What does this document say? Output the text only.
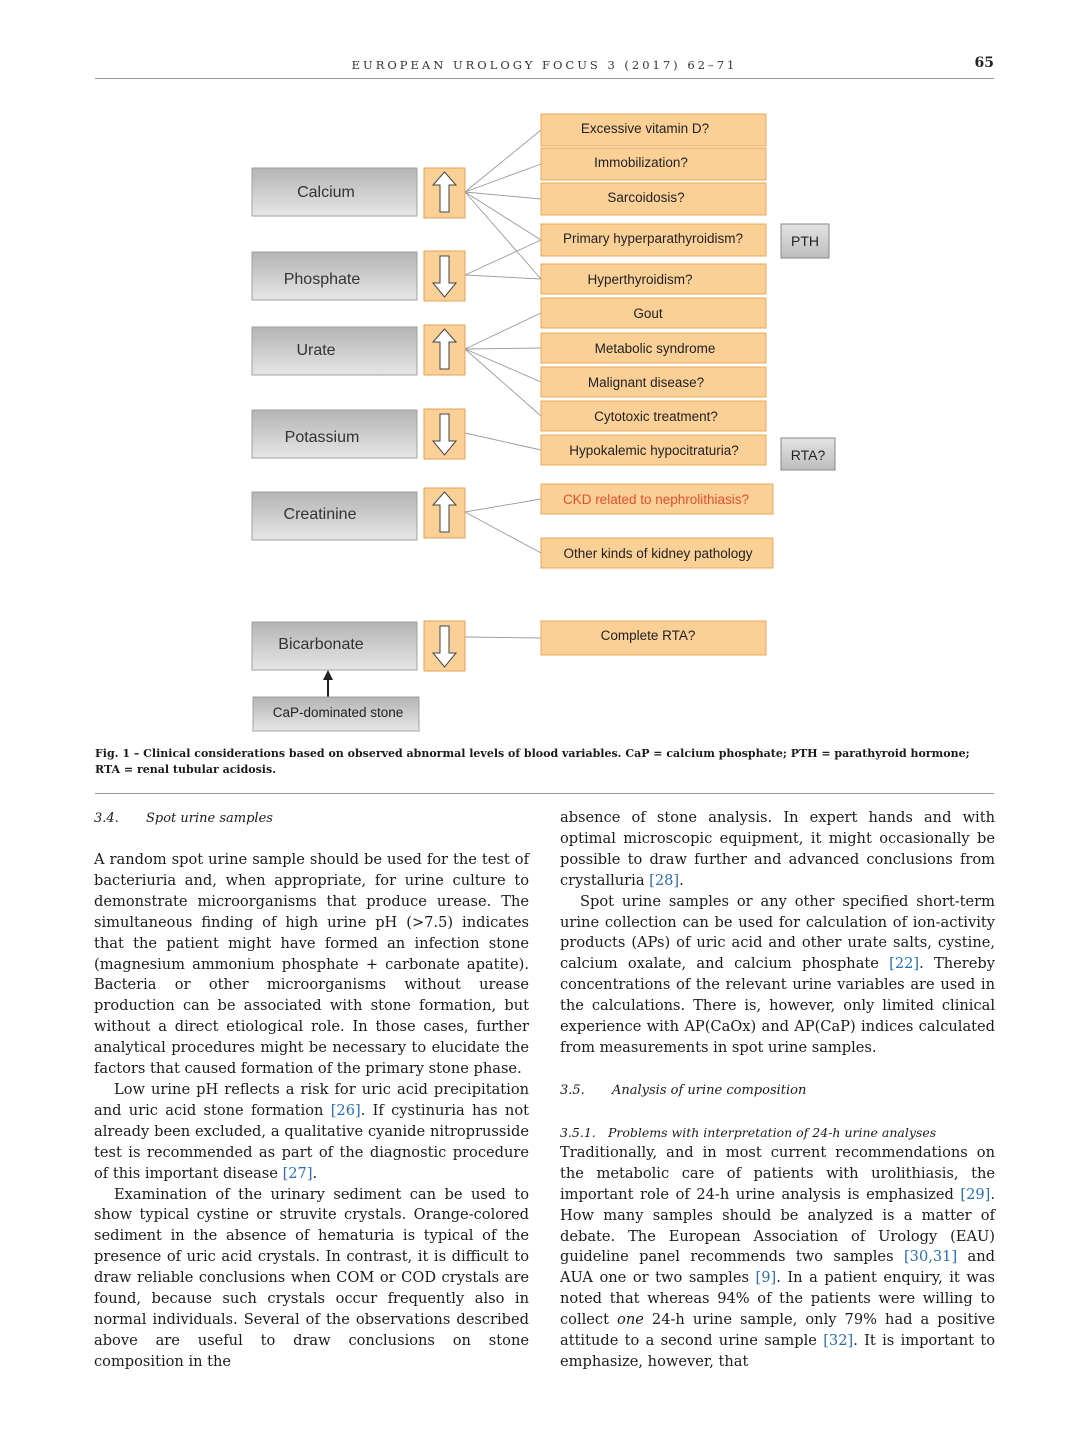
EUROPEAN UROLOGY FOCUS 3 (2017) 62–71	65
Calcium
Phosphate
Urate
Potassium
Creatinine
Bicarbonate
Excessive vitamin D?
Immobilization?
Sarcoidosis?
Primary hyperparathyroidism?
Hyperthyroidism?
Gout
Metabolic syndrome
Malignant disease?
Cytotoxic treatment?
Hypokalemic hypocitraturia?
CKD related to nephrolithiasis?
Other kinds of kidney pathology
Complete RTA?
PTH
RTA?
CaP-dominated stone
Fig. 1 – Clinical considerations based on observed abnormal levels of blood variables. CaP = calcium phosphate; PTH = parathyroid hormone; RTA = renal tubular acidosis.
3.4. Spot urine samples

A random spot urine sample should be used for the test of bacteriuria and, when appropriate, for urine culture to demonstrate microorganisms that produce urease. The simultaneous finding of high urine pH (>7.5) indicates that the patient might have formed an infection stone (magnesium ammonium phosphate + carbonate apatite). Bacteria or other microorganisms without urease production can be associated with stone formation, but without a direct etiological role. In those cases, further analytical procedures might be necessary to elucidate the factors that caused formation of the primary stone phase.

Low urine pH reflects a risk for uric acid precipitation and uric acid stone formation [26]. If cystinuria has not already been excluded, a qualitative cyanide nitroprusside test is recommended as part of the diagnostic procedure of this important disease [27].

Examination of the urinary sediment can be used to show typical cystine or struvite crystals. Orange-colored sediment in the absence of hematuria is typical of the presence of uric acid crystals. In contrast, it is difficult to draw reliable conclusions when COM or COD crystals are found, because such crystals occur frequently also in normal individuals. Several of the observations described above are useful to draw conclusions on stone composition in the

absence of stone analysis. In expert hands and with optimal microscopic equipment, it might occasionally be possible to draw further and advanced conclusions from crystalluria [28].

Spot urine samples or any other specified short-term urine collection can be used for calculation of ion-activity products (APs) of uric acid and other urate salts, cystine, calcium oxalate, and calcium phosphate [22]. Thereby concentrations of the relevant urine variables are used in the calculations. There is, however, only limited clinical experience with AP(CaOx) and AP(CaP) indices calculated from measurements in spot urine samples.

3.5. Analysis of urine composition
3.5.1. Problems with interpretation of 24-h urine analyses

Traditionally, and in most current recommendations on the metabolic care of patients with urolithiasis, the important role of 24-h urine analysis is emphasized [29]. How many samples should be analyzed is a matter of debate. The European Association of Urology (EAU) guideline panel recommends two samples [30,31] and AUA one or two samples [9]. In a patient enquiry, it was noted that whereas 94% of the patients were willing to collect one 24-h urine sample, only 79% had a positive attitude to a second urine sample [32]. It is important to emphasize, however, that
